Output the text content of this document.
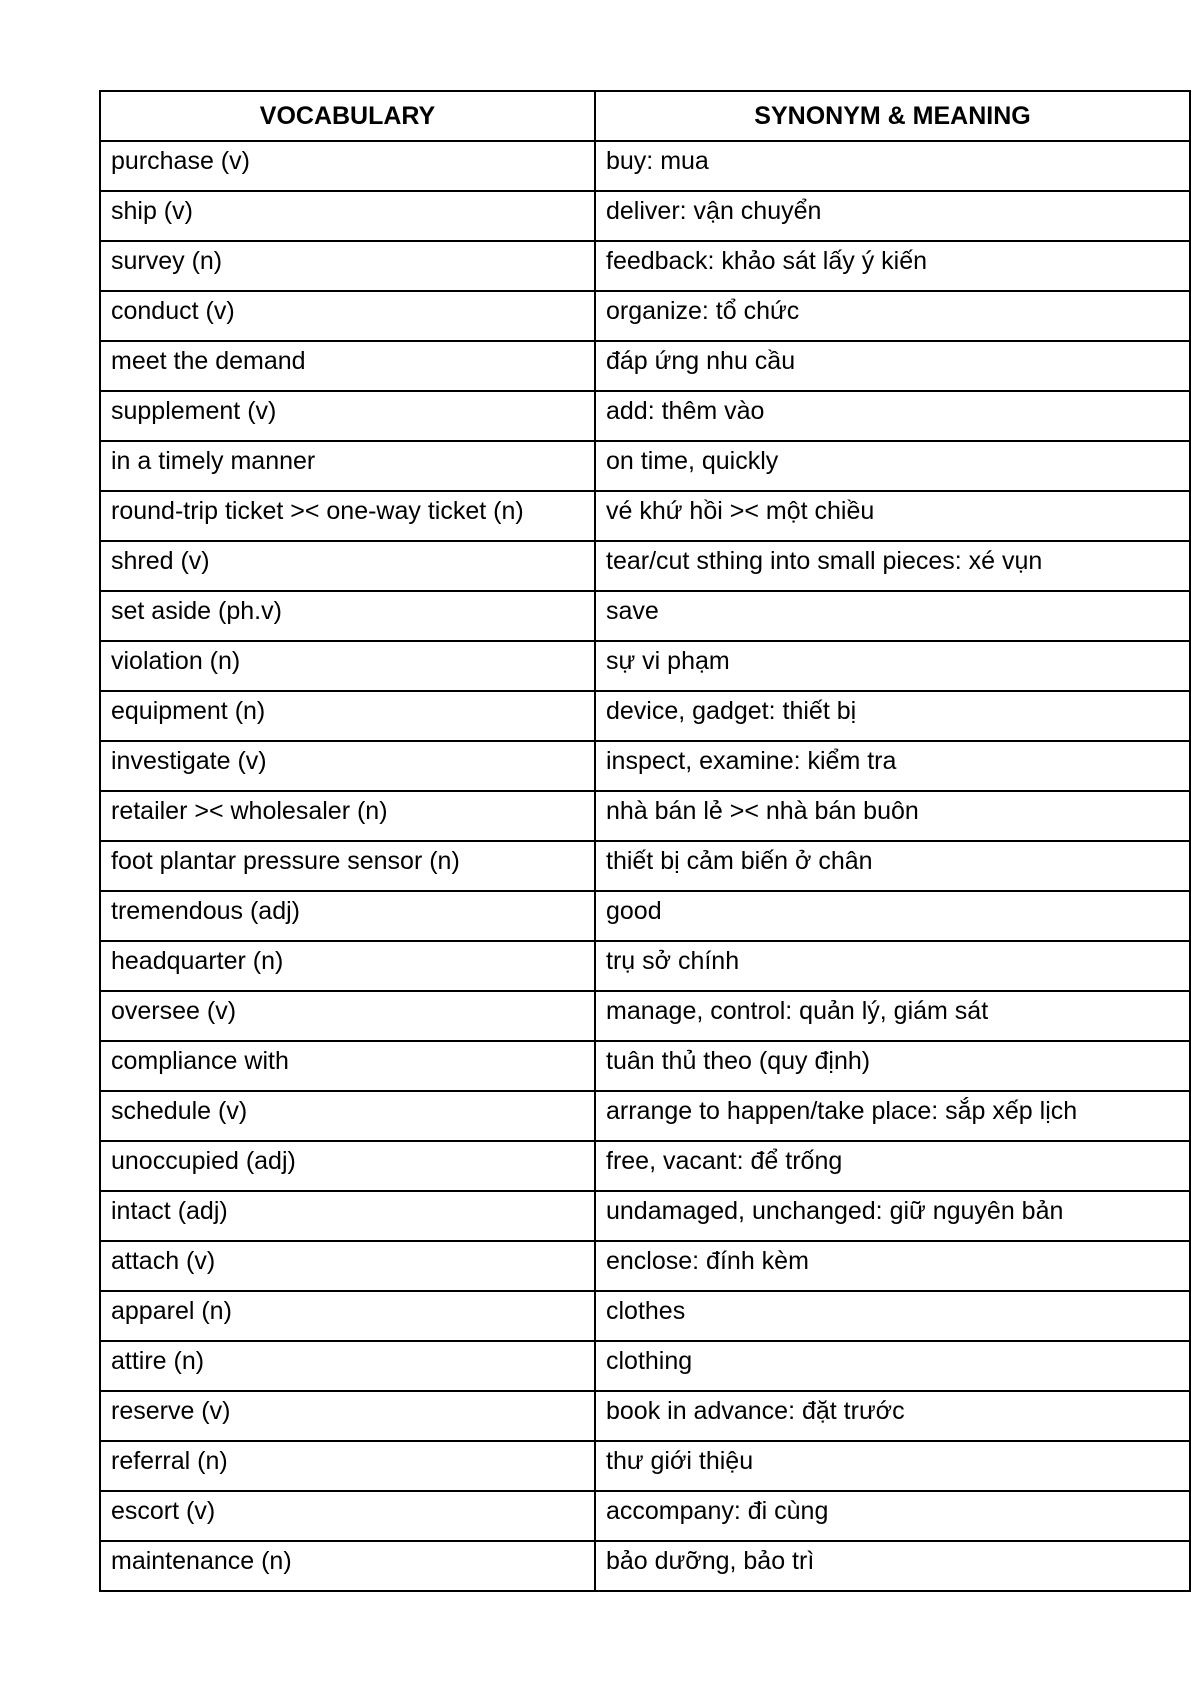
VOCABULARY	SYNONYM & MEANING
purchase (v)	buy: mua
ship (v)	deliver: vận chuyển
survey (n)	feedback: khảo sát lấy ý kiến
conduct (v)	organize: tổ chức
meet the demand	đáp ứng nhu cầu
supplement (v)	add: thêm vào
in a timely manner	on time, quickly
round-trip ticket >< one-way ticket (n)	vé khứ hồi >< một chiều
shred (v)	tear/cut sthing into small pieces: xé vụn
set aside (ph.v)	save
violation (n)	sự vi phạm
equipment (n)	device, gadget: thiết bị
investigate (v)	inspect, examine: kiểm tra
retailer >< wholesaler (n)	nhà bán lẻ >< nhà bán buôn
foot plantar pressure sensor (n)	thiết bị cảm biến ở chân
tremendous (adj)	good
headquarter (n)	trụ sở chính
oversee (v)	manage, control: quản lý, giám sát
compliance with	tuân thủ theo (quy định)
schedule (v)	arrange to happen/take place: sắp xếp lịch
unoccupied (adj)	free, vacant: để trống
intact (adj)	undamaged, unchanged: giữ nguyên bản
attach (v)	enclose: đính kèm
apparel (n)	clothes
attire (n)	clothing
reserve (v)	book in advance: đặt trước
referral (n)	thư giới thiệu
escort (v)	accompany: đi cùng
maintenance (n)	bảo dưỡng, bảo trì
